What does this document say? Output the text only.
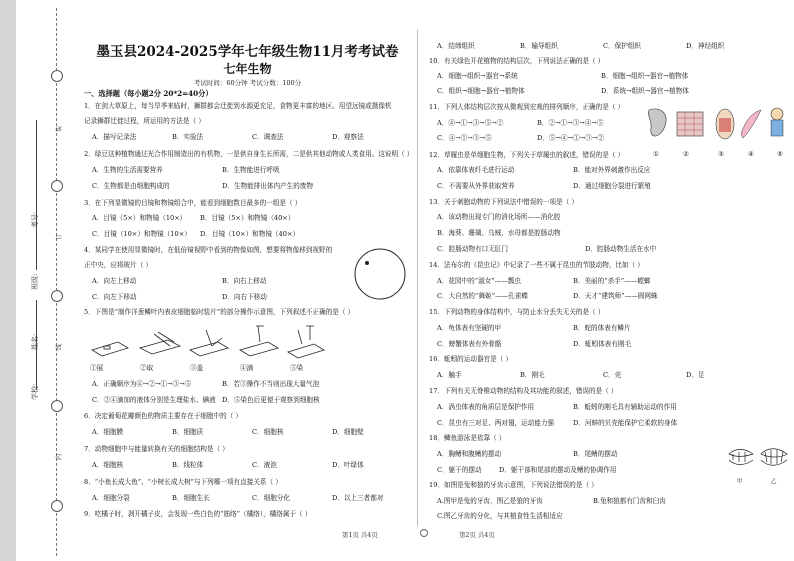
学校:
姓名:
班级:
考号:
装
订
线
内
墨玉县2024-2025学年七年级生物11月考考试卷
七年生物
考试时间：60分钟 考试分数：100分
一、选择题（每小题2分 20*2=40分）
1．在剑大草原上，每当旱季来临时，狮群都会迁徙到水源更充足，食物更丰富的地区。用望远镜或摄像机
记录狮群迁徙过程，所运用的方法是（ ）
A．描写记录法	B．实验法	C．调查法	D．观察法
2．绿豆这种植物通过光合作用制造出的有机物，一是供自身生长所需，二是供其他动物或人类食用。这说明（ ）
A．生物的生活需要营养	B．生物能进行呼吸
C．生物都是由细胞构成的	D．生物能排出体内产生的废物
3．在下列显微镜的目镜和物镜组合中，能看到细胞数目最多的一组是（ ）
A．目镜（5×）和物镜（10×） B．目镜（5×）和物镜（40×）
C．目镜（10×）和物镜（10×） D．目镜（10×）和物镜（40×）
4．某同学在使用显微镜时，在低倍镜视野中看到的物像如图，想要将物像移到视野的
正中央，应将玻片（ ）
A．向左上移动	B．向右上移动
C．向左下移动	D．向右下移动
5．下图是“制作洋葱鳞叶内表皮细胞临时装片”的部分操作示意图，下列叙述不正确的是（ ）
①展	②取	③盖	④滴	⑤染
A．正确顺序为④→②→①→③→⑤	B．若③操作不当则出现大量气泡
C．②④滴加的液体分别是生理盐水、碘液 D．⑤染色后更便于观察到细胞核
6．决定葡萄花瓣颜色的物质主要存在于细胞中的（ ）
A．细胞膜	B．细胞质	C．细胞核	D．细胞壁
7．动物细胞中与能量转换有关的细胞结构是（ ）
A．细胞核	B．线粒体	C．液泡	D．叶绿体
8．“小鱼长成大鱼”、“小树长成大树”与下列哪一项有直接关系（ ）
A．细胞分裂	B．细胞生长	C．细胞分化	D．以上三者都对
9．吃橘子时，剥开橘子皮，会发现一些白色的“筋络”（橘络），橘络属于（ ）
第1页 共4页
A．结缔组织	B．输导组织	C．保护组织	D．神经组织
10．有关绿色开花植物的结构层次，下列说法正确的是（ ）
A．细胞→组织→器官→系统	B．细胞→组织→器官→植物体
C．组织→细胞→器官→植物体	D．系统→组织→器官→植物体
11．下列人体结构层次按从微观到宏观的排列顺序，正确的是（ ）
A．④→①→③→⑤→②	B．②→①→③→④→⑤
C．④→①→③→⑤	D．⑤→④→①→③→②
①	②	③	④	⑤
12．草履虫是单细胞生物，下列关于草履虫的叙述，错误的是（ ）
A．依靠体表纤毛进行运动	B．能对外界刺激作出反应
C．不需要从外界获取营养	D．通过细胞分裂进行繁殖
13．关于刺胞动物的下列说法中错误的一项是（ ）
A．该动物出现专门的消化场所——消化腔
B．海葵、珊瑚、乌贼、水母都是腔肠动物
C．腔肠动物有口无肛门	D．腔肠动物生活在水中
14．法布尔的《昆虫记》中记录了一些不属于昆虫的节肢动物，比如（ ）
A．花园中的“淑女”——瓢虫	B．美丽的“杀手”——螳螂
C．大自然的“舞姬”——孔雀蝶	D．天才“建筑师”——圆网蛛
15．下列动物的身体结构中，与防止水分丢失无关的是（ ）
A．龟体表有坚硬的甲	B．蛇的体表有鳞片
C．螃蟹体表有外骨骼	D．蚯蚓体表有刚毛
16．蚯蚓的运动器官是（ ）
A．触手	B．刚毛	C．壳	D．足
17．下列有关无脊椎动物的结构及其功能的叙述，错误的是（ ）
A．涡虫体表的角质层是保护作用	B．蚯蚓的刚毛具有辅助运动的作用
C．昆虫有三对足、两对翅，运动能力强	D．河蚌的贝壳能保护它柔软的身体
18．鲫鱼游泳是依靠（ ）
A．胸鳍和腹鳍的摆动	B．尾鳍的摆动
C．躯干的摆动	D．躯干部和尾部的摆动及鳍的协调作用
19．如图是兔和狼的牙齿示意图，下列说法错误的是（ ）
A.图甲是兔的牙齿，图乙是狼的牙齿	B.兔和狼都有门齿和臼齿
C.图乙牙齿的分化，与其植食性生活相适应
甲	乙
第2页 共4页
